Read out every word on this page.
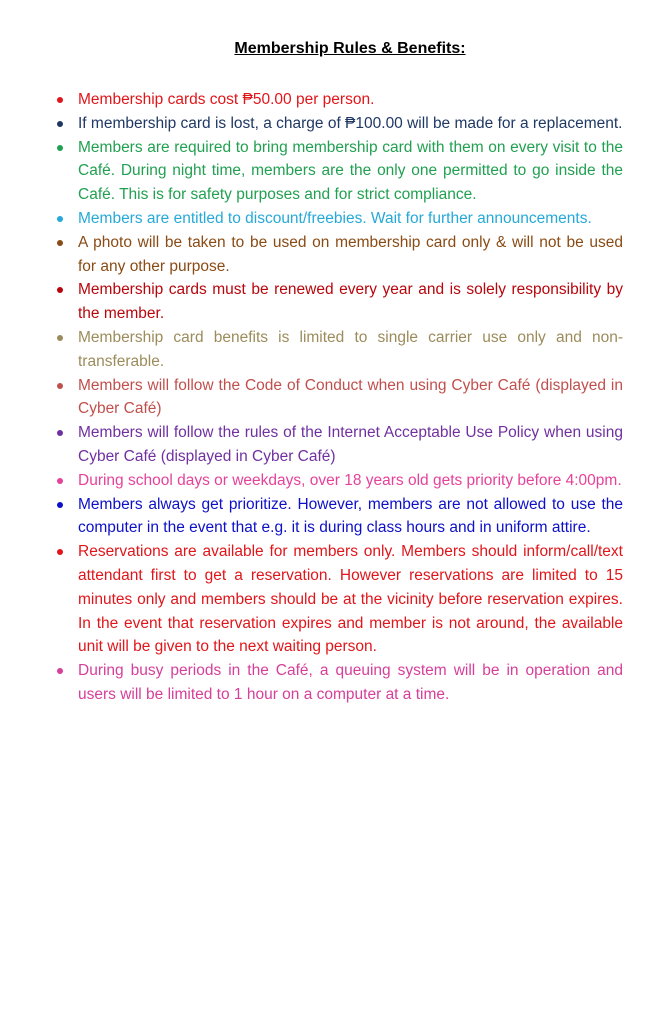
Membership Rules & Benefits:
Membership cards cost ₱50.00 per person.
If membership card is lost, a charge of ₱100.00 will be made for a replacement.
Members are required to bring membership card with them on every visit to the Café. During night time, members are the only one permitted to go inside the Café. This is for safety purposes and for strict compliance.
Members are entitled to discount/freebies. Wait for further announcements.
A photo will be taken to be used on membership card only & will not be used for any other purpose.
Membership cards must be renewed every year and is solely responsibility by the member.
Membership card benefits is limited to single carrier use only and non-transferable.
Members will follow the Code of Conduct when using Cyber Café (displayed in Cyber Café)
Members will follow the rules of the Internet Acceptable Use Policy when using Cyber Café (displayed in Cyber Café)
During school days or weekdays, over 18 years old gets priority before 4:00pm.
Members always get prioritize. However, members are not allowed to use the computer in the event that e.g. it is during class hours and in uniform attire.
Reservations are available for members only. Members should inform/call/text attendant first to get a reservation. However reservations are limited to 15 minutes only and members should be at the vicinity before reservation expires. In the event that reservation expires and member is not around, the available unit will be given to the next waiting person.
During busy periods in the Café, a queuing system will be in operation and users will be limited to 1 hour on a computer at a time.
